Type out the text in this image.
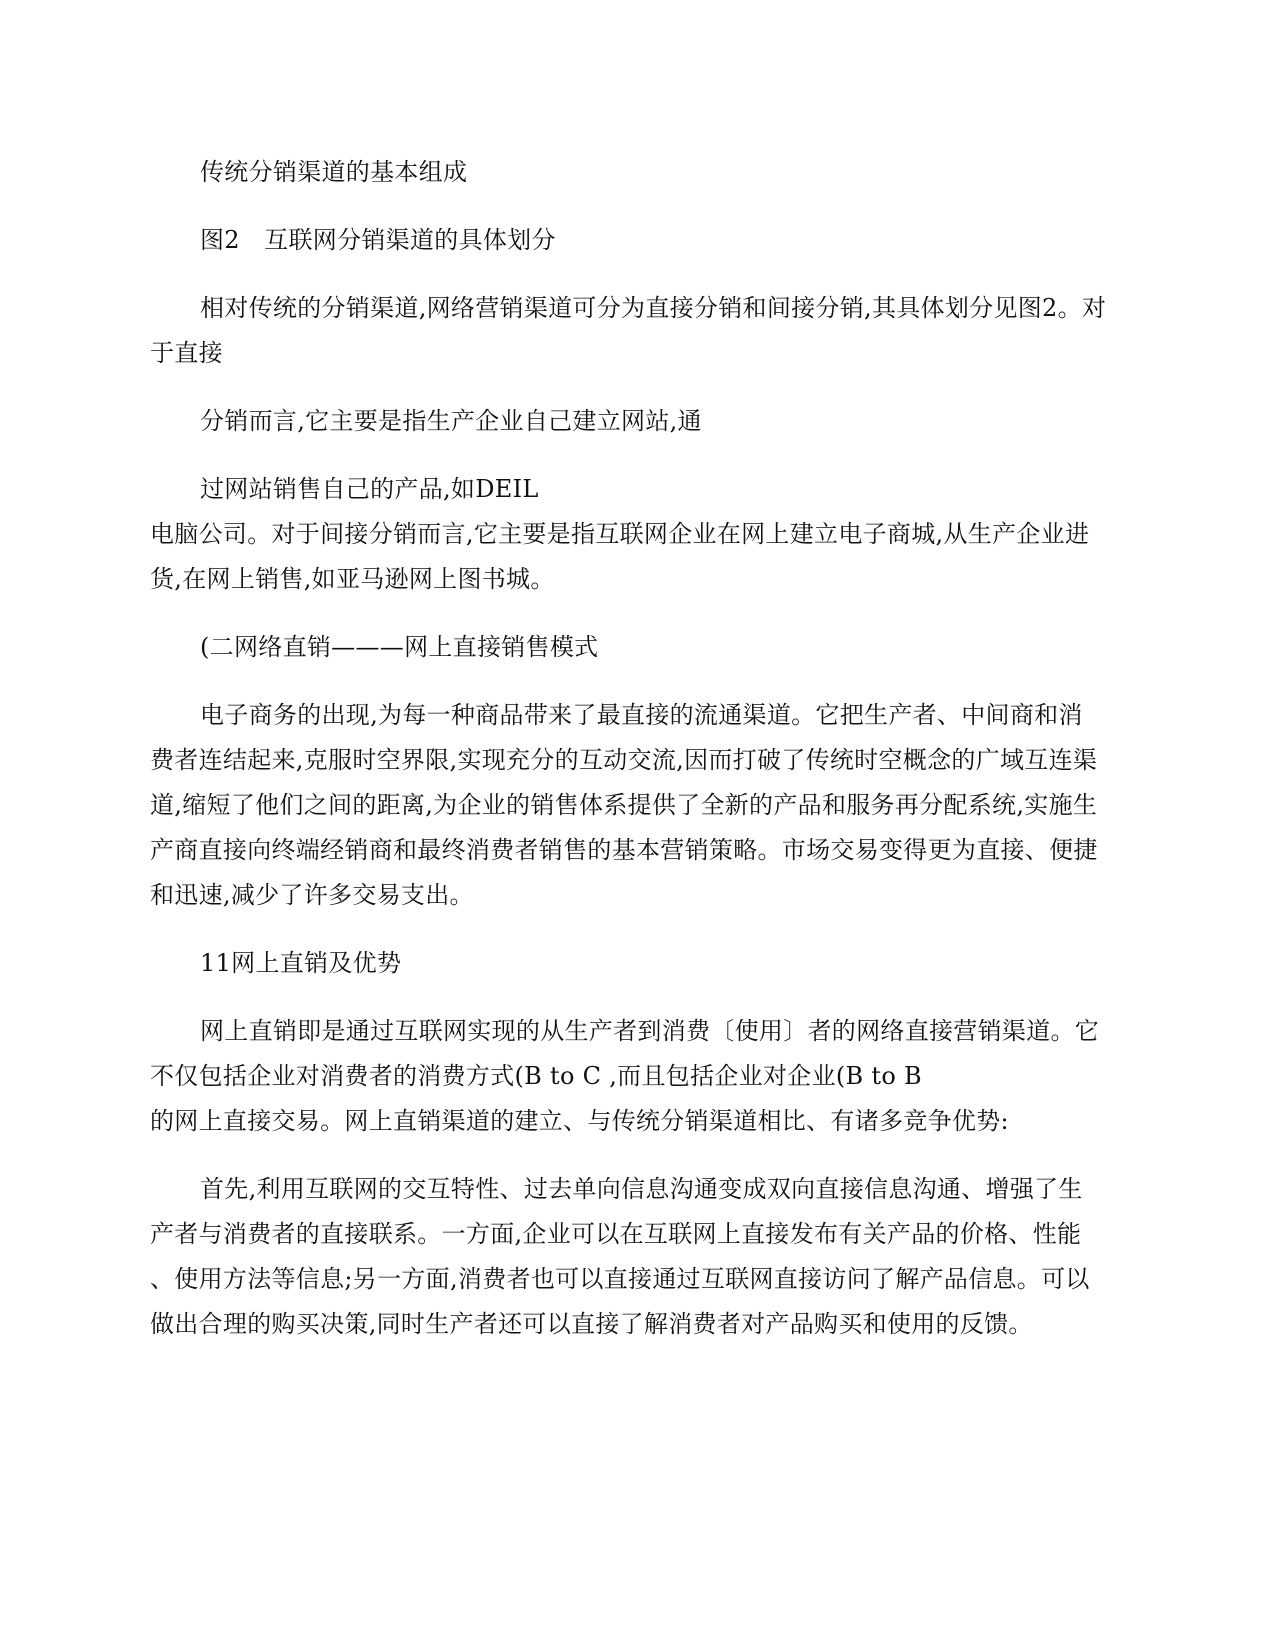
传统分销渠道的基本组成
图2　互联网分销渠道的具体划分
相对传统的分销渠道,网络营销渠道可分为直接分销和间接分销,其具体划分见图2。对
于直接
分销而言,它主要是指生产企业自己建立网站,通
过网站销售自己的产品,如DEIL
电脑公司。对于间接分销而言,它主要是指互联网企业在网上建立电子商城,从生产企业进
货,在网上销售,如亚马逊网上图书城。
(二网络直销———网上直接销售模式
电子商务的出现,为每一种商品带来了最直接的流通渠道。它把生产者、中间商和消
费者连结起来,克服时空界限,实现充分的互动交流,因而打破了传统时空概念的广域互连渠
道,缩短了他们之间的距离,为企业的销售体系提供了全新的产品和服务再分配系统,实施生
产商直接向终端经销商和最终消费者销售的基本营销策略。市场交易变得更为直接、便捷
和迅速,减少了许多交易支出。
11网上直销及优势
网上直销即是通过互联网实现的从生产者到消费〔使用〕者的网络直接营销渠道。它
不仅包括企业对消费者的消费方式(B to C ,而且包括企业对企业(B to B
的网上直接交易。网上直销渠道的建立、与传统分销渠道相比、有诸多竞争优势:
首先,利用互联网的交互特性、过去单向信息沟通变成双向直接信息沟通、增强了生
产者与消费者的直接联系。一方面,企业可以在互联网上直接发布有关产品的价格、性能
、使用方法等信息;另一方面,消费者也可以直接通过互联网直接访问了解产品信息。可以
做出合理的购买决策,同时生产者还可以直接了解消费者对产品购买和使用的反馈。
